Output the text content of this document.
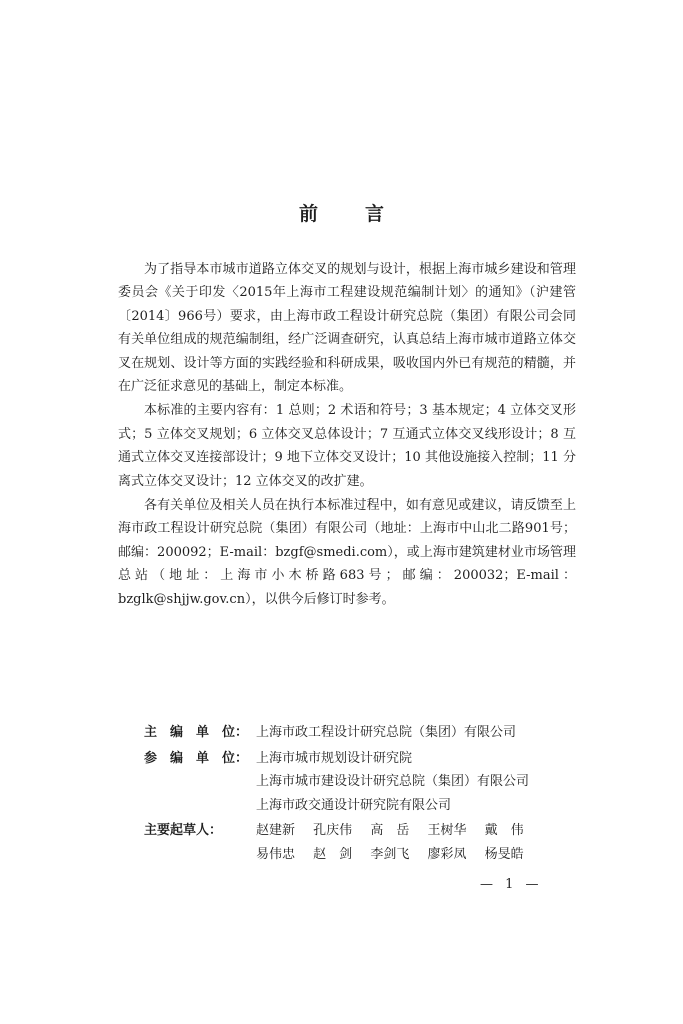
前　言

为了指导本市城市道路立体交叉的规划与设计，根据上海市城乡建设和管理委员会《关于印发〈2015年上海市工程建设规范编制计划〉的通知》（沪建管〔2014〕966号）要求，由上海市政工程设计研究总院（集团）有限公司会同有关单位组成的规范编制组，经广泛调查研究，认真总结上海市城市道路立体交叉在规划、设计等方面的实践经验和科研成果，吸收国内外已有规范的精髓，并在广泛征求意见的基础上，制定本标准。

本标准的主要内容有：1 总则；2 术语和符号；3 基本规定；4 立体交叉形式；5 立体交叉规划；6 立体交叉总体设计；7 互通式立体交叉线形设计；8 互通式立体交叉连接部设计；9 地下立体交叉设计；10 其他设施接入控制；11 分离式立体交叉设计；12 立体交叉的改扩建。

各有关单位及相关人员在执行本标准过程中，如有意见或建议，请反馈至上海市政工程设计研究总院（集团）有限公司（地址：上海市中山北二路901号；邮编：200092；E-mail：bzgf@smedi.com），或上海市建筑建材业市场管理总站（地址：上海市小木桥路683号；邮编：200032；E-mail：bzglk@shjjw.gov.cn），以供今后修订时参考。

主　编　单　位： 上海市政工程设计研究总院（集团）有限公司
参　编　单　位： 上海市城市规划设计研究院
上海市城市建设设计研究总院（集团）有限公司
上海市政交通设计研究院有限公司
主要起草人：	赵建新 孔庆伟 高　岳 王树华 戴　伟
易伟忠 赵　剑 李剑飞 廖彩凤 杨旻皓
— 1 —
